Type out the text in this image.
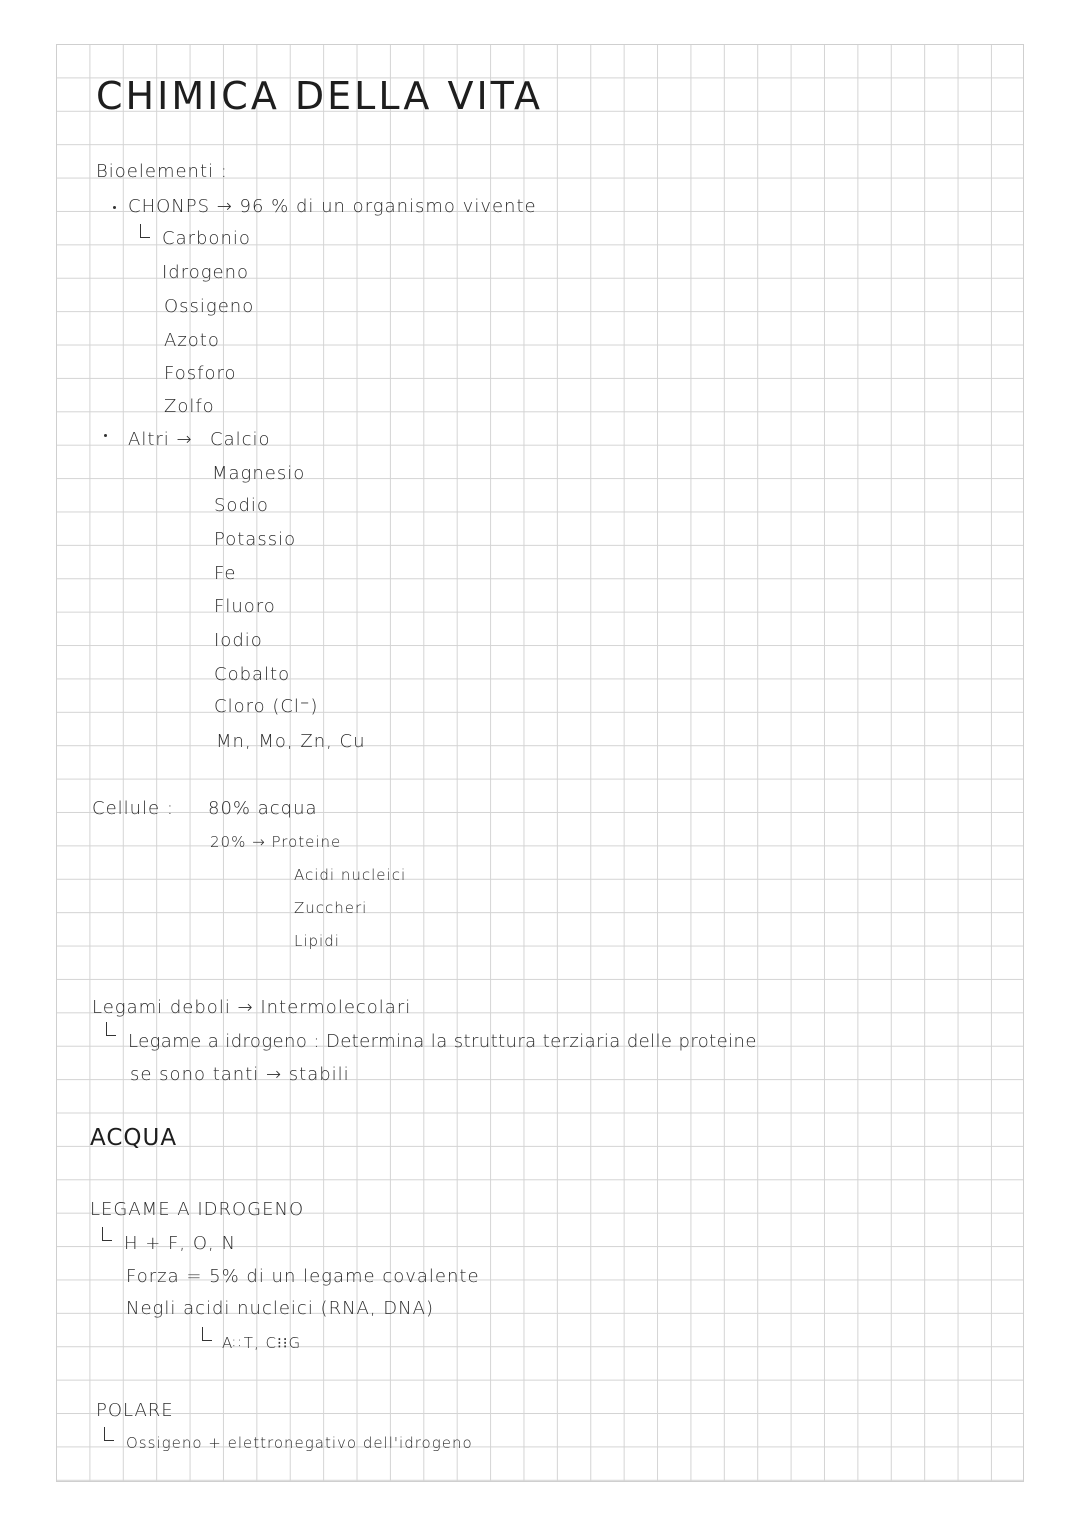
CHIMICA DELLA VITA
Bioelementi :
CHONPS → 96 % di un organismo vivente
Carbonio
Idrogeno
Ossigeno
Azoto
Fosforo
Zolfo
Altri → Calcio
Magnesio
Sodio
Potassio
Fe
Fluoro
Iodio
Cobalto
Cloro (Cl⁻)
Mn, Mo, Zn, Cu
Cellule : 80% acqua
20% → Proteine
Acidi nucleici
Zuccheri
Lipidi
Legami deboli → Intermolecolari
Legame a idrogeno : Determina la struttura terziaria delle proteine
se sono tanti → stabili
ACQUA
LEGAME A IDROGENO
H + F, O, N
Forza = 5% di un legame covalente
Negli acidi nucleici (RNA, DNA)
A∷T, C⁝⁝G
POLARE
Ossigeno + elettronegativo dell'idrogeno
